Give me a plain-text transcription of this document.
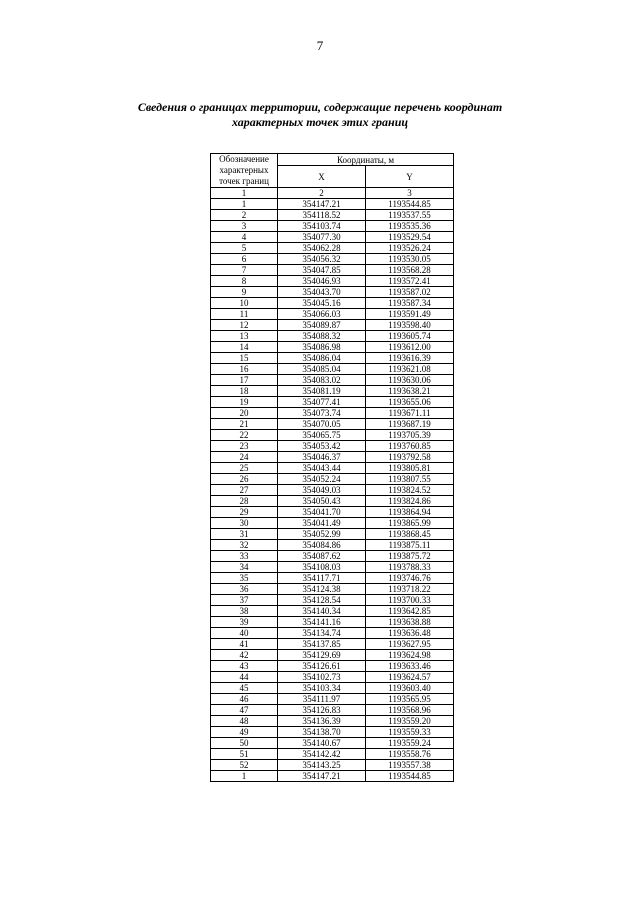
7
Сведения о границах территории, содержащие перечень координат
характерных точек этих границ
Обозначение характерных точек границ	Координаты, м	
	X	Y
1	2	3
1	354147.21	1193544.85
2	354118.52	1193537.55
3	354103.74	1193535.36
4	354077.30	1193529.54
5	354062.28	1193526.24
6	354056.32	1193530.05
7	354047.85	1193568.28
8	354046.93	1193572.41
9	354043.70	1193587.02
10	354045.16	1193587.34
11	354066.03	1193591.49
12	354089.87	1193598.40
13	354088.32	1193605.74
14	354086.98	1193612.00
15	354086.04	1193616.39
16	354085.04	1193621.08
17	354083.02	1193630.06
18	354081.19	1193638.21
19	354077.41	1193655.06
20	354073.74	1193671.11
21	354070.05	1193687.19
22	354065.75	1193705.39
23	354053.42	1193760.85
24	354046.37	1193792.58
25	354043.44	1193805.81
26	354052.24	1193807.55
27	354049.03	1193824.52
28	354050.43	1193824.86
29	354041.70	1193864.94
30	354041.49	1193865.99
31	354052.99	1193868.45
32	354084.86	1193875.11
33	354087.62	1193875.72
34	354108.03	1193788.33
35	354117.71	1193746.76
36	354124.38	1193718.22
37	354128.54	1193700.33
38	354140.34	1193642.85
39	354141.16	1193638.88
40	354134.74	1193636.48
41	354137.85	1193627.95
42	354129.69	1193624.98
43	354126.61	1193633.46
44	354102.73	1193624.57
45	354103.34	1193603.40
46	354111.97	1193565.95
47	354126.83	1193568.96
48	354136.39	1193559.20
49	354138.70	1193559.33
50	354140.67	1193559.24
51	354142.42	1193558.76
52	354143.25	1193557.38
1	354147.21	1193544.85
